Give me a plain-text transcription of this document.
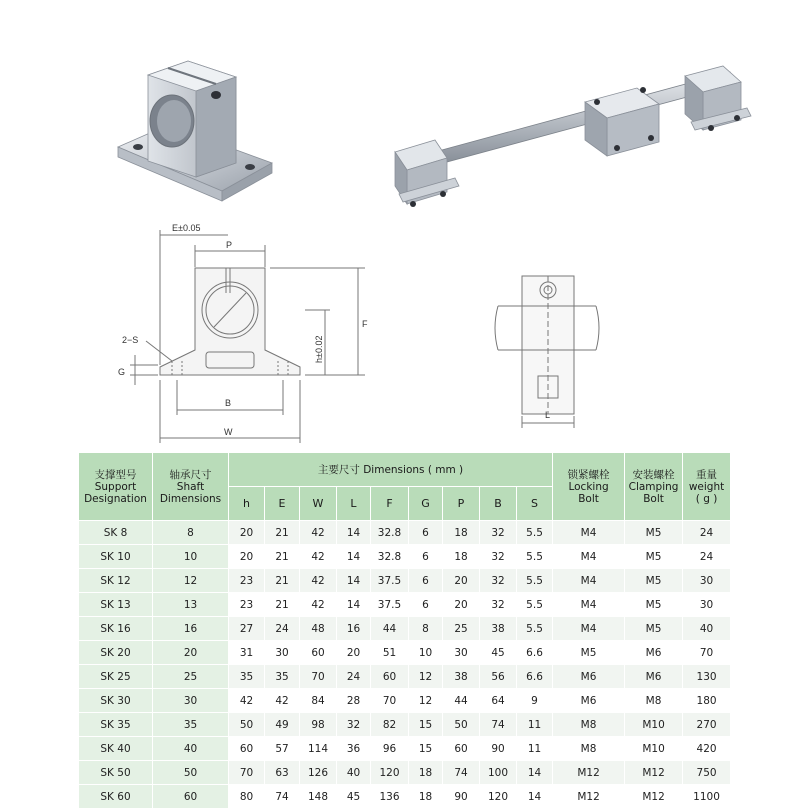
E±0.05
P
2−S
G
h±0.02
F
B
W
L
支撑型号
Support
Designation	轴承尺寸
Shaft
Dimensions	主要尺寸 Dimensions ( mm )									锁紧螺栓
Locking
Bolt	安装螺栓
Clamping
Bolt	重量
weight
( g )

		h	E	W	L	F	G	P	B	S			
SK 8	8	20	21	42	14	32.8	6	18	32	5.5	M4	M5	24
SK 10	10	20	21	42	14	32.8	6	18	32	5.5	M4	M5	24
SK 12	12	23	21	42	14	37.5	6	20	32	5.5	M4	M5	30
SK 13	13	23	21	42	14	37.5	6	20	32	5.5	M4	M5	30
SK 16	16	27	24	48	16	44	8	25	38	5.5	M4	M5	40
SK 20	20	31	30	60	20	51	10	30	45	6.6	M5	M6	70
SK 25	25	35	35	70	24	60	12	38	56	6.6	M6	M6	130
SK 30	30	42	42	84	28	70	12	44	64	9	M6	M8	180
SK 35	35	50	49	98	32	82	15	50	74	11	M8	M10	270
SK 40	40	60	57	114	36	96	15	60	90	11	M8	M10	420
SK 50	50	70	63	126	40	120	18	74	100	14	M12	M12	750
SK 60	60	80	74	148	45	136	18	90	120	14	M12	M12	1100
